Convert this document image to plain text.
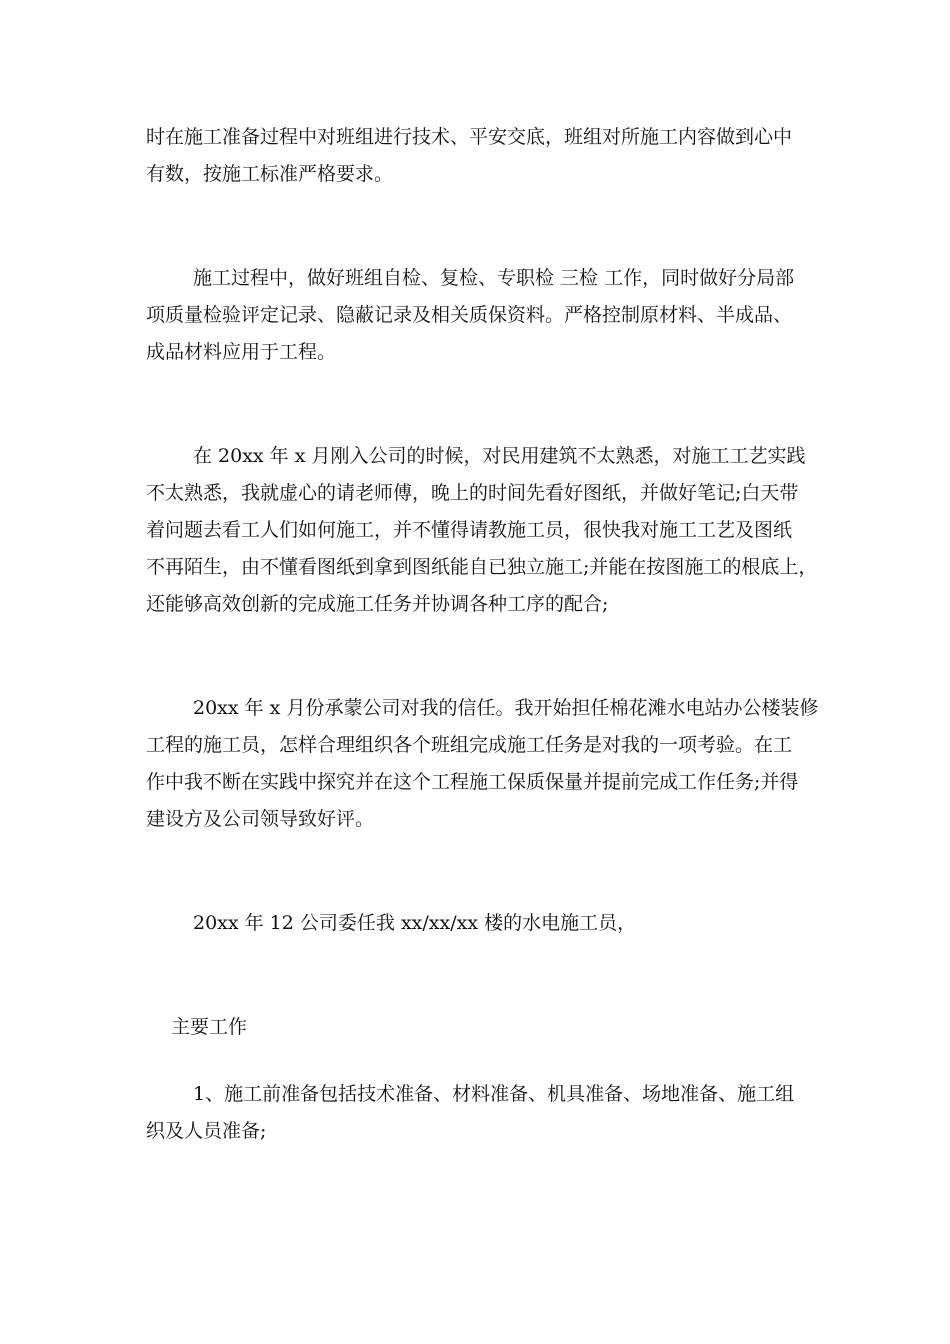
时在施工准备过程中对班组进行技术、平安交底，班组对所施工内容做到心中
有数，按施工标准严格要求。
施工过程中，做好班组自检、复检、专职检 三检 工作，同时做好分局部
项质量检验评定记录、隐蔽记录及相关质保资料。严格控制原材料、半成品、
成品材料应用于工程。
在 20xx 年 x 月刚入公司的时候，对民用建筑不太熟悉，对施工工艺实践
不太熟悉，我就虚心的请老师傅，晚上的时间先看好图纸，并做好笔记;白天带
着问题去看工人们如何施工，并不懂得请教施工员，很快我对施工工艺及图纸
不再陌生，由不懂看图纸到拿到图纸能自已独立施工;并能在按图施工的根底上，
还能够高效创新的完成施工任务并协调各种工序的配合;
20xx 年 x 月份承蒙公司对我的信任。我开始担任棉花滩水电站办公楼装修
工程的施工员，怎样合理组织各个班组完成施工任务是对我的一项考验。在工
作中我不断在实践中探究并在这个工程施工保质保量并提前完成工作任务;并得
建设方及公司领导致好评。
20xx 年 12 公司委任我 xx/xx/xx 楼的水电施工员，
主要工作
1、施工前准备包括技术准备、材料准备、机具准备、场地准备、施工组
织及人员准备;
